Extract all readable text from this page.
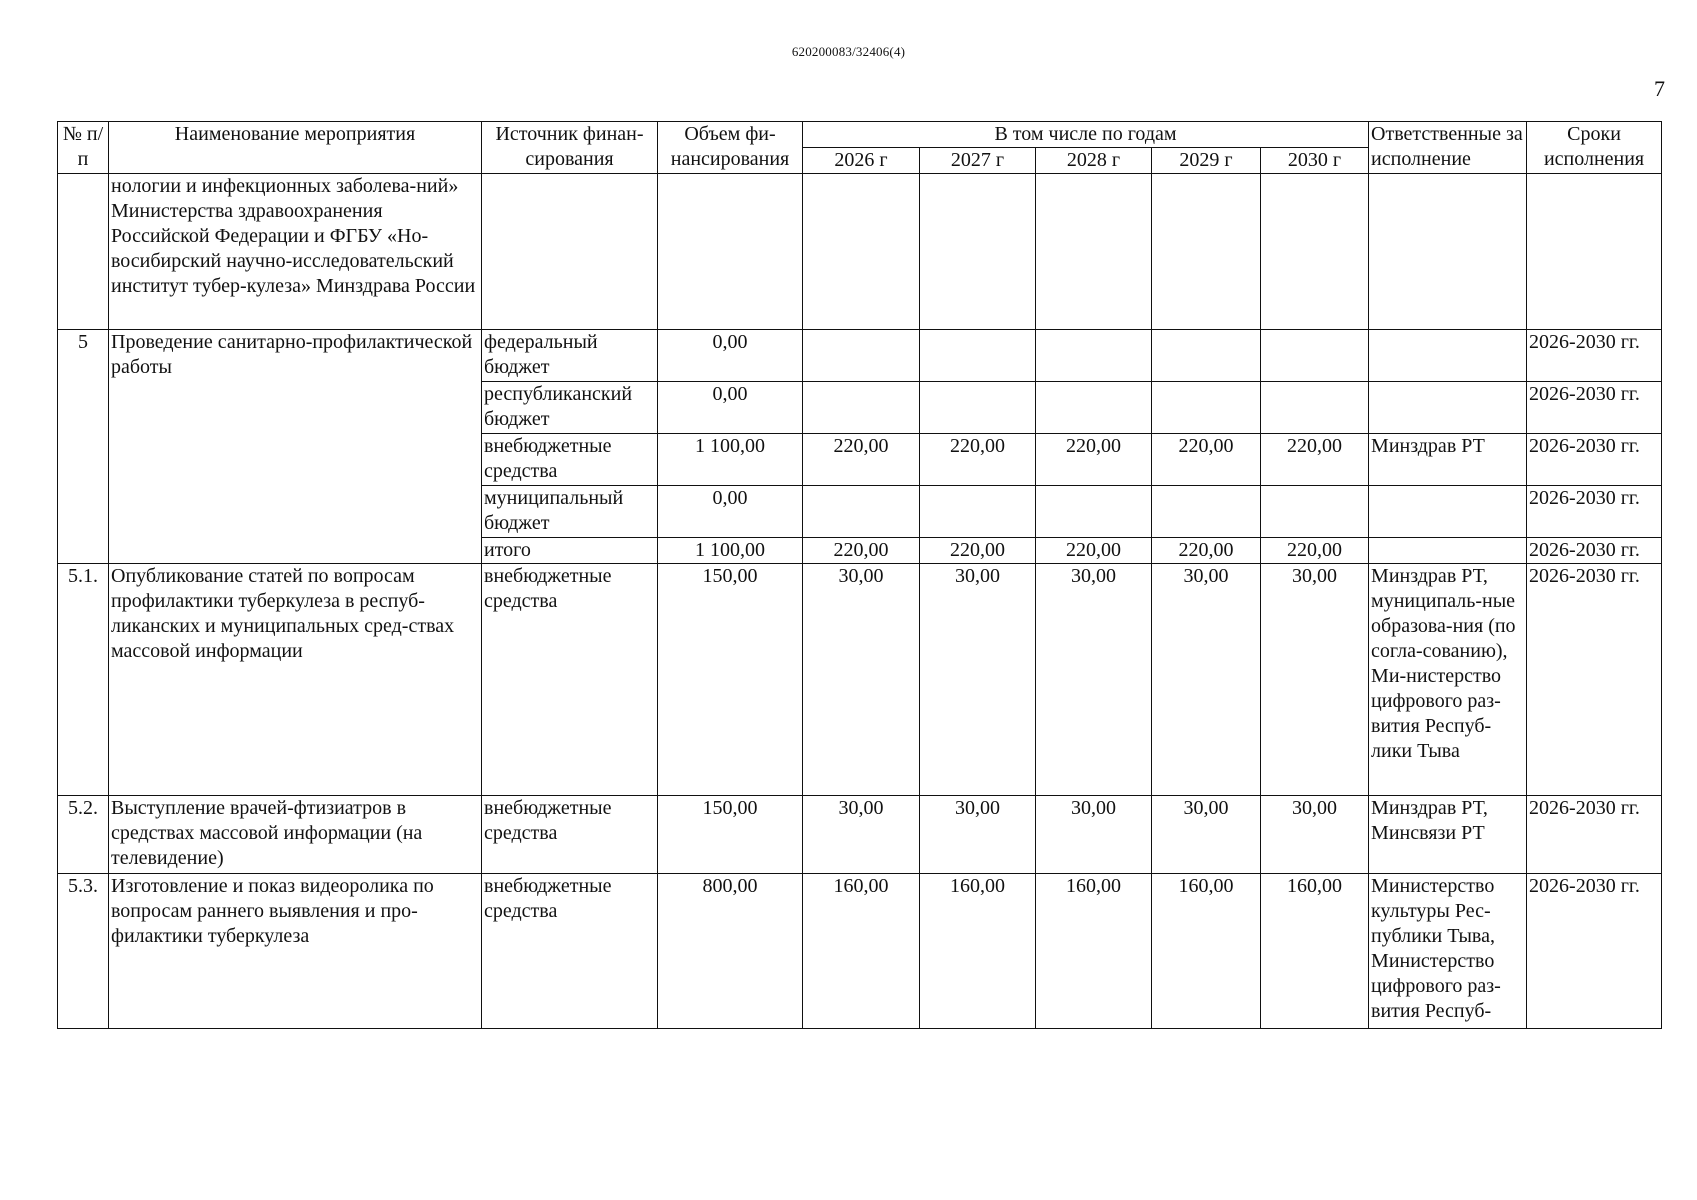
620200083/32406(4)
7
№ п/п	Наименование мероприятия	Источник финан-сирования	Объем фи-нансирования	В том числе по годам					Ответственные за исполнение	Сроки исполнения
				2026 г	2027 г	2028 г	2029 г	2030 г		
	нологии и инфекционных заболева-ний» Министерства здравоохранения Российской Федерации и ФГБУ «Но-восибирский научно-исследовательский институт тубер-кулеза» Минздрава России									
5	Проведение санитарно-профилактической работы	федеральный бюджет	0,00							2026-2030 гг.
		республиканский бюджет	0,00							2026-2030 гг.
		внебюджетные средства	1 100,00	220,00	220,00	220,00	220,00	220,00	Минздрав РТ	2026-2030 гг.
		муниципальный бюджет	0,00							2026-2030 гг.
		итого	1 100,00	220,00	220,00	220,00	220,00	220,00		2026-2030 гг.
5.1.	Опубликование статей по вопросам профилактики туберкулеза в респуб-ликанских и муниципальных сред-ствах массовой информации	внебюджетные средства	150,00	30,00	30,00	30,00	30,00	30,00	Минздрав РТ, муниципаль-ные образова-ния (по согла-сованию), Ми-нистерство цифрового раз-вития Респуб-лики Тыва	2026-2030 гг.
5.2.	Выступление врачей-фтизиатров в средствах массовой информации (на телевидение)	внебюджетные средства	150,00	30,00	30,00	30,00	30,00	30,00	Минздрав РТ, Минсвязи РТ	2026-2030 гг.
5.3.	Изготовление и показ видеоролика по вопросам раннего выявления и про-филактики туберкулеза	внебюджетные средства	800,00	160,00	160,00	160,00	160,00	160,00	Министерство культуры Рес-публики Тыва, Министерство цифрового раз-вития Респуб-	2026-2030 гг.
